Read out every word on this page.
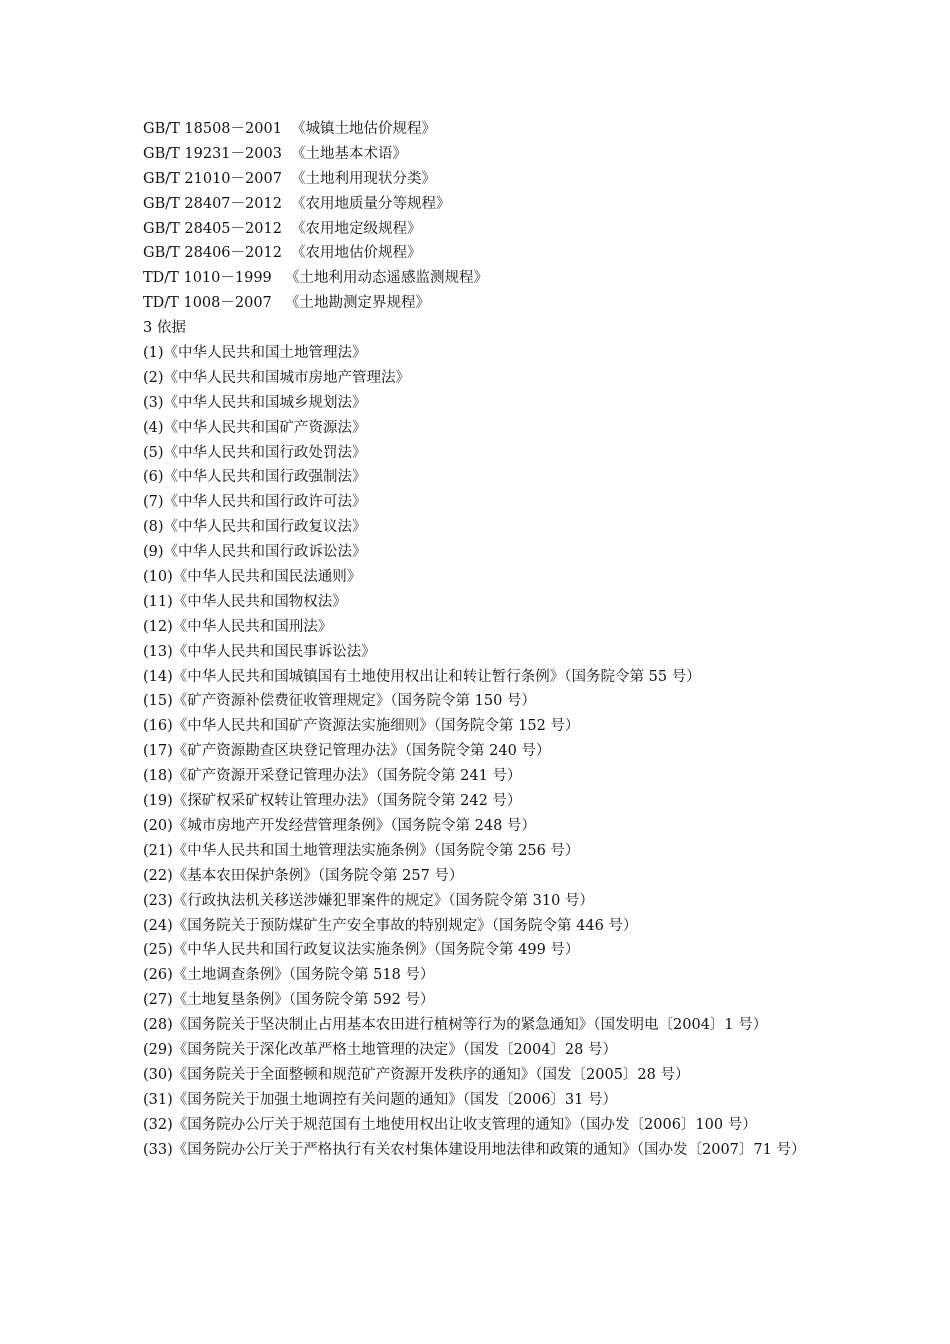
GB/T 18508－2001 《城镇土地估价规程》
GB/T 19231－2003 《土地基本术语》
GB/T 21010－2007 《土地利用现状分类》
GB/T 28407－2012 《农用地质量分等规程》
GB/T 28405－2012 《农用地定级规程》
GB/T 28406－2012 《农用地估价规程》
TD/T 1010－1999 《土地利用动态遥感监测规程》
TD/T 1008－2007 《土地勘测定界规程》
3 依据
(1)《中华人民共和国土地管理法》
(2)《中华人民共和国城市房地产管理法》
(3)《中华人民共和国城乡规划法》
(4)《中华人民共和国矿产资源法》
(5)《中华人民共和国行政处罚法》
(6)《中华人民共和国行政强制法》
(7)《中华人民共和国行政许可法》
(8)《中华人民共和国行政复议法》
(9)《中华人民共和国行政诉讼法》
(10)《中华人民共和国民法通则》
(11)《中华人民共和国物权法》
(12)《中华人民共和国刑法》
(13)《中华人民共和国民事诉讼法》
(14)《中华人民共和国城镇国有土地使用权出让和转让暂行条例》（国务院令第 55 号）
(15)《矿产资源补偿费征收管理规定》（国务院令第 150 号）
(16)《中华人民共和国矿产资源法实施细则》（国务院令第 152 号）
(17)《矿产资源勘查区块登记管理办法》（国务院令第 240 号）
(18)《矿产资源开采登记管理办法》（国务院令第 241 号）
(19)《探矿权采矿权转让管理办法》（国务院令第 242 号）
(20)《城市房地产开发经营管理条例》（国务院令第 248 号）
(21)《中华人民共和国土地管理法实施条例》（国务院令第 256 号）
(22)《基本农田保护条例》（国务院令第 257 号）
(23)《行政执法机关移送涉嫌犯罪案件的规定》（国务院令第 310 号）
(24)《国务院关于预防煤矿生产安全事故的特别规定》（国务院令第 446 号）
(25)《中华人民共和国行政复议法实施条例》（国务院令第 499 号）
(26)《土地调查条例》（国务院令第 518 号）
(27)《土地复垦条例》（国务院令第 592 号）
(28)《国务院关于坚决制止占用基本农田进行植树等行为的紧急通知》（国发明电〔2004〕1 号）
(29)《国务院关于深化改革严格土地管理的决定》（国发〔2004〕28 号）
(30)《国务院关于全面整顿和规范矿产资源开发秩序的通知》（国发〔2005〕28 号）
(31)《国务院关于加强土地调控有关问题的通知》（国发〔2006〕31 号）
(32)《国务院办公厅关于规范国有土地使用权出让收支管理的通知》（国办发〔2006〕100 号）
(33)《国务院办公厅关于严格执行有关农村集体建设用地法律和政策的通知》（国办发〔2007〕71 号）
